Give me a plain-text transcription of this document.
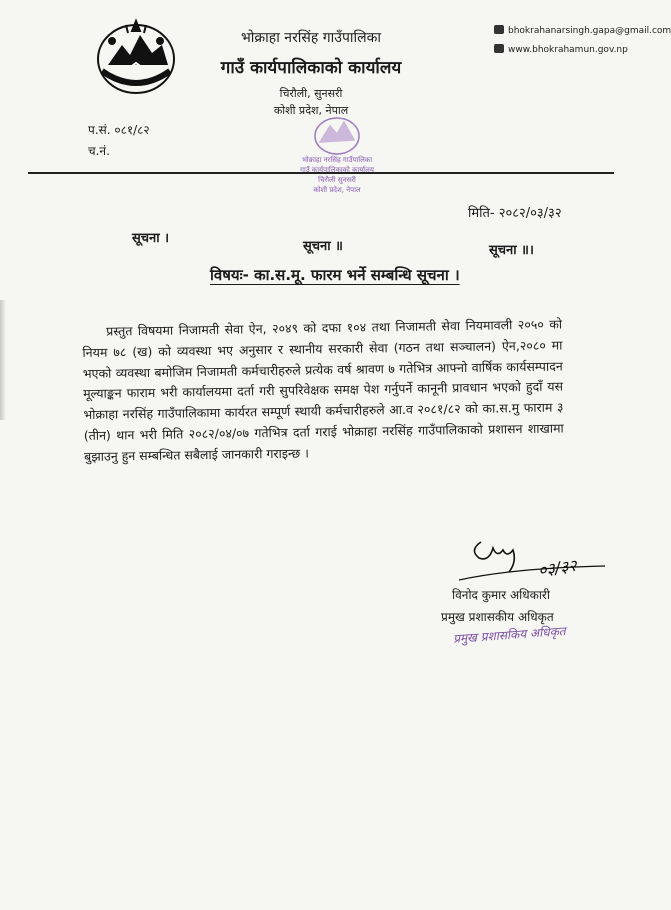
भोक्राहा नरसिंह गाउँपालिका
गाउँ कार्यपालिकाको कार्यालय
चिरौली, सुनसरी
कोशी प्रदेश, नेपाल
bhokrahanarsingh.gapa@gmail.com
www.bhokrahamun.gov.np
प.सं. ०८१/८२
च.नं.
भोक्राहा नरसिंह गाउँपालिका
गाउँ कार्यपालिकाको कार्यालय
चिरौली सुनसरी
कोशी प्रदेश, नेपाल
मिति- २०८२/०३/३२
सूचना ।
सूचना ॥	सूचना ॥।
विषयः- का.स.मू. फारम भर्ने सम्बन्धि सूचना ।
प्रस्तुत विषयमा निजामती सेवा ऐन, २०४९ को दफा १०४ तथा निजामती सेवा नियमावली २०५० को नियम ७८ (ख) को व्यवस्था भए अनुसार र स्थानीय सरकारी सेवा (गठन तथा सञ्चालन) ऐन,२०८० मा भएको व्यवस्था बमोजिम निजामती कर्मचारीहरुले प्रत्येक वर्ष श्रावण ७ गतेभित्र आफ्नो वार्षिक कार्यसम्पादन मूल्याङ्कन फाराम भरी कार्यालयमा दर्ता गरी सुपरिवेक्षक समक्ष पेश गर्नुपर्ने कानूनी प्रावधान भएको हुदाँ यस भोक्राहा नरसिंह गाउँपालिकामा कार्यरत सम्पूर्ण स्थायी कर्मचारीहरुले आ.व २०८१/८२ को का.स.मु फाराम ३ (तीन) थान भरी मिति २०८२/०४/०७ गतेभित्र दर्ता गराई भोक्राहा नरसिंह गाउँपालिकाको प्रशासन शाखामा बुझाउनु हुन सम्बन्धित सबैलाई जानकारी गराइन्छ ।
०३/३२
विनोद कुमार अधिकारी
प्रमुख प्रशासकीय अधिकृत
प्रमुख प्रशासकिय अधिकृत
